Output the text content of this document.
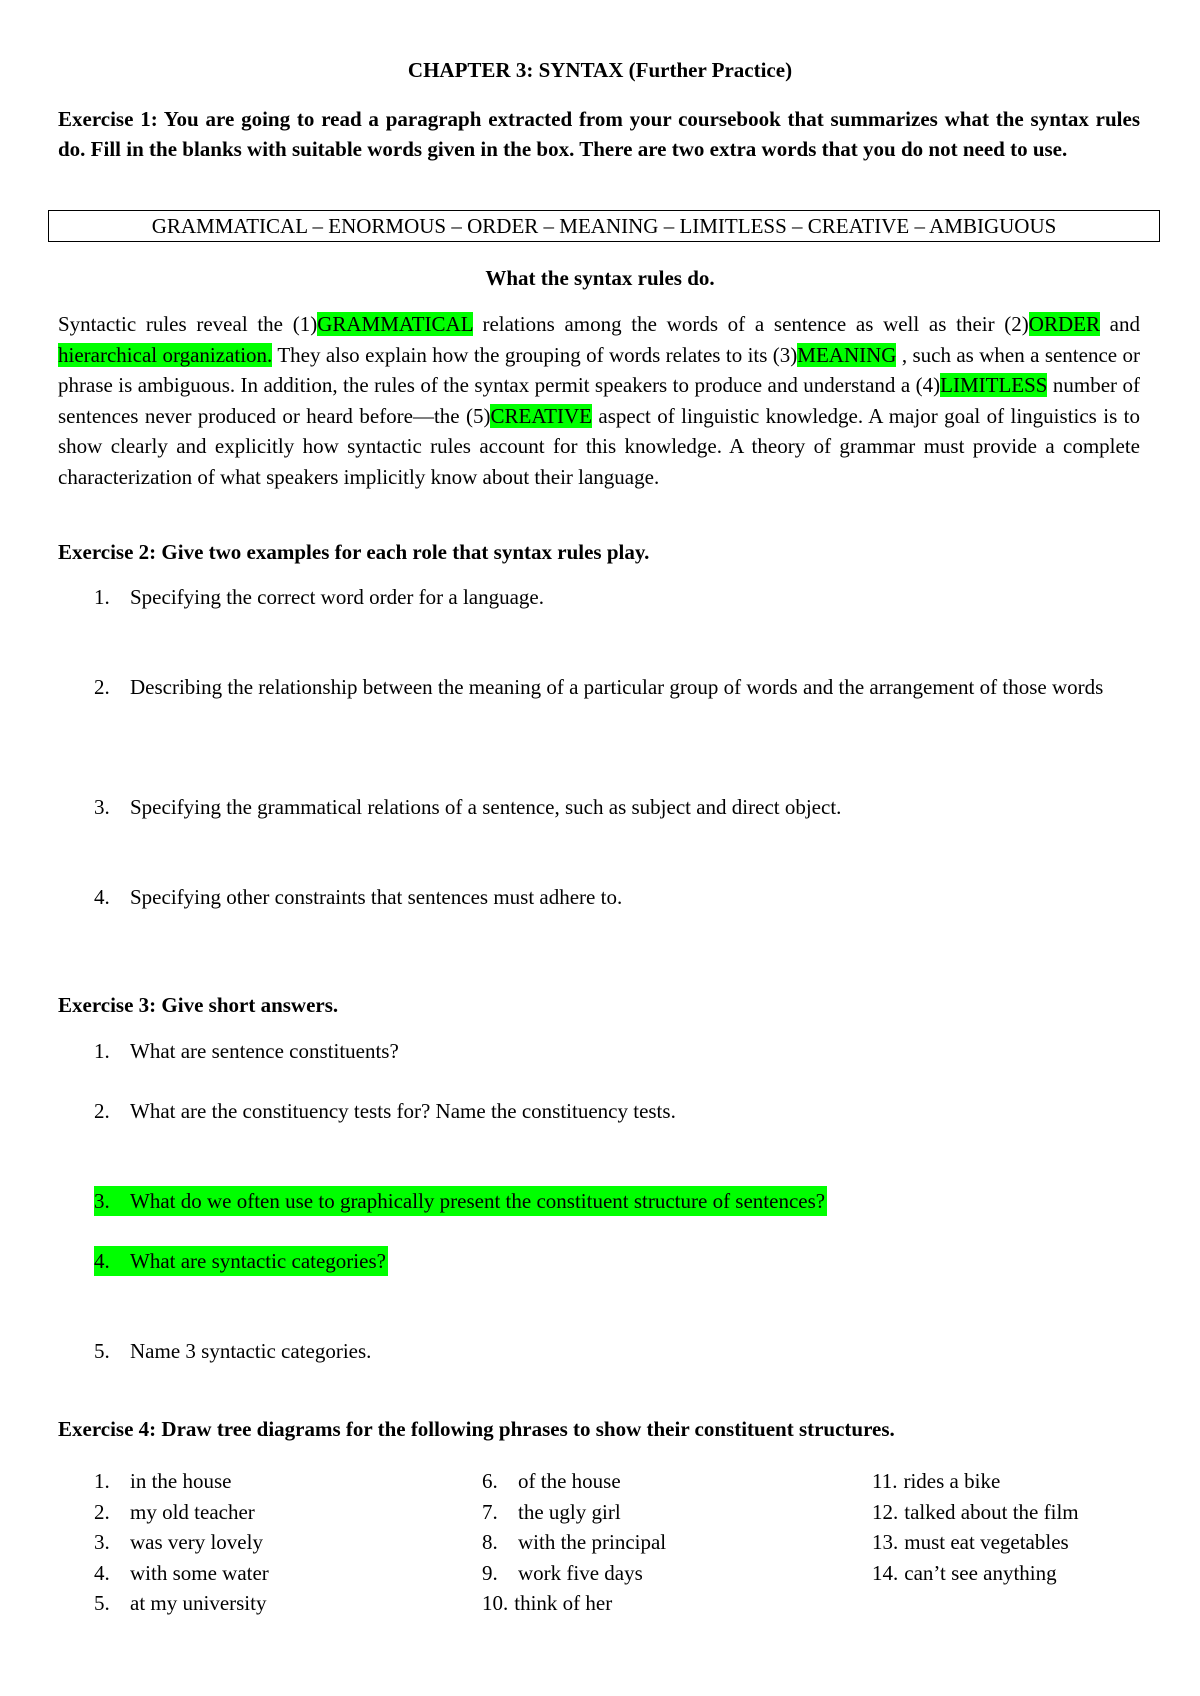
CHAPTER 3: SYNTAX (Further Practice)
Exercise 1: You are going to read a paragraph extracted from your coursebook that summarizes what the syntax rules do. Fill in the blanks with suitable words given in the box. There are two extra words that you do not need to use.
GRAMMATICAL – ENORMOUS – ORDER – MEANING – LIMITLESS – CREATIVE – AMBIGUOUS
What the syntax rules do.
Syntactic rules reveal the (1)GRAMMATICAL relations among the words of a sentence as well as their (2)ORDER and hierarchical organization. They also explain how the grouping of words relates to its (3)MEANING , such as when a sentence or phrase is ambiguous. In addition, the rules of the syntax permit speakers to produce and understand a (4)LIMITLESS number of sentences never produced or heard before—the (5)CREATIVE aspect of linguistic knowledge. A major goal of linguistics is to show clearly and explicitly how syntactic rules account for this knowledge. A theory of grammar must provide a complete characterization of what speakers implicitly know about their language.
Exercise 2: Give two examples for each role that syntax rules play.
1. Specifying the correct word order for a language.
2. Describing the relationship between the meaning of a particular group of words and the arrangement of those words
3. Specifying the grammatical relations of a sentence, such as subject and direct object.
4. Specifying other constraints that sentences must adhere to.
Exercise 3: Give short answers.
1. What are sentence constituents?
2. What are the constituency tests for? Name the constituency tests.
3. What do we often use to graphically present the constituent structure of sentences?
4. What are syntactic categories?
5. Name 3 syntactic categories.
Exercise 4: Draw tree diagrams for the following phrases to show their constituent structures.
1. in the house
2. my old teacher
3. was very lovely
4. with some water
5. at my university
6. of the house
7. the ugly girl
8. with the principal
9. work five days
10. think of her
11. rides a bike
12. talked about the film
13. must eat vegetables
14. can’t see anything
